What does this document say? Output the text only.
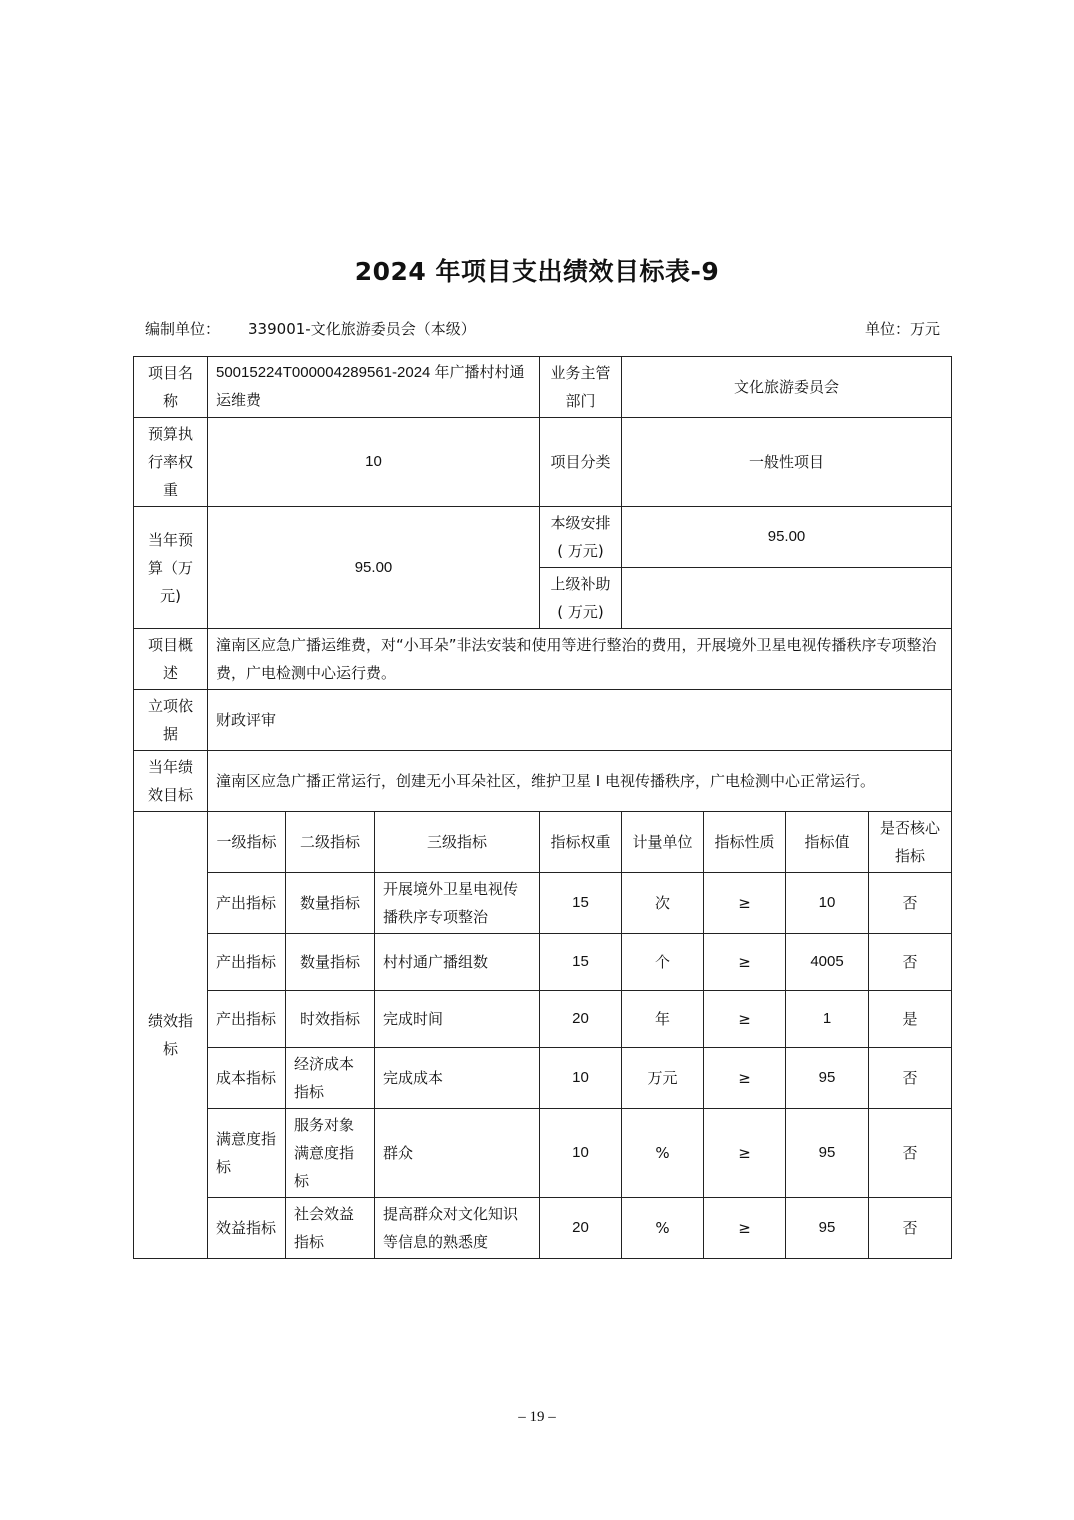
2024 年项目支出绩效目标表-9
编制单位： 339001-文化旅游委员会（本级）	单位：万元
项目名称	50015224T000004289561-2024 年广播村村通运维费			业务主管部门	文化旅游委员会			
预算执行率权重	10			项目分类	一般性项目			
当年预算（万元)	95.00			本级安排( 万元)	95.00			
				上级补助( 万元)				
项目概述	潼南区应急广播运维费，对“小耳朵”非法安装和使用等进行整治的费用，开展境外卫星电视传播秩序专项整治费，广电检测中心运行费。							
立项依据	财政评审							
当年绩效目标	潼南区应急广播正常运行，创建无小耳朵社区，维护卫星 I 电视传播秩序，广电检测中心正常运行。							
绩效指标	一级指标	二级指标	三级指标	指标权重	计量单位	指标性质	指标值	是否核心指标
	产出指标	数量指标	开展境外卫星电视传播秩序专项整治	15	次	≥	10	否
	产出指标	数量指标	村村通广播组数	15	个	≥	4005	否
	产出指标	时效指标	完成时间	20	年	≥	1	是
	成本指标	经济成本指标	完成成本	10	万元	≥	95	否
	满意度指标	服务对象满意度指标	群众	10	%	≥	95	否
	效益指标	社会效益指标	提高群众对文化知识等信息的熟悉度	20	%	≥	95	否
– 19 –
